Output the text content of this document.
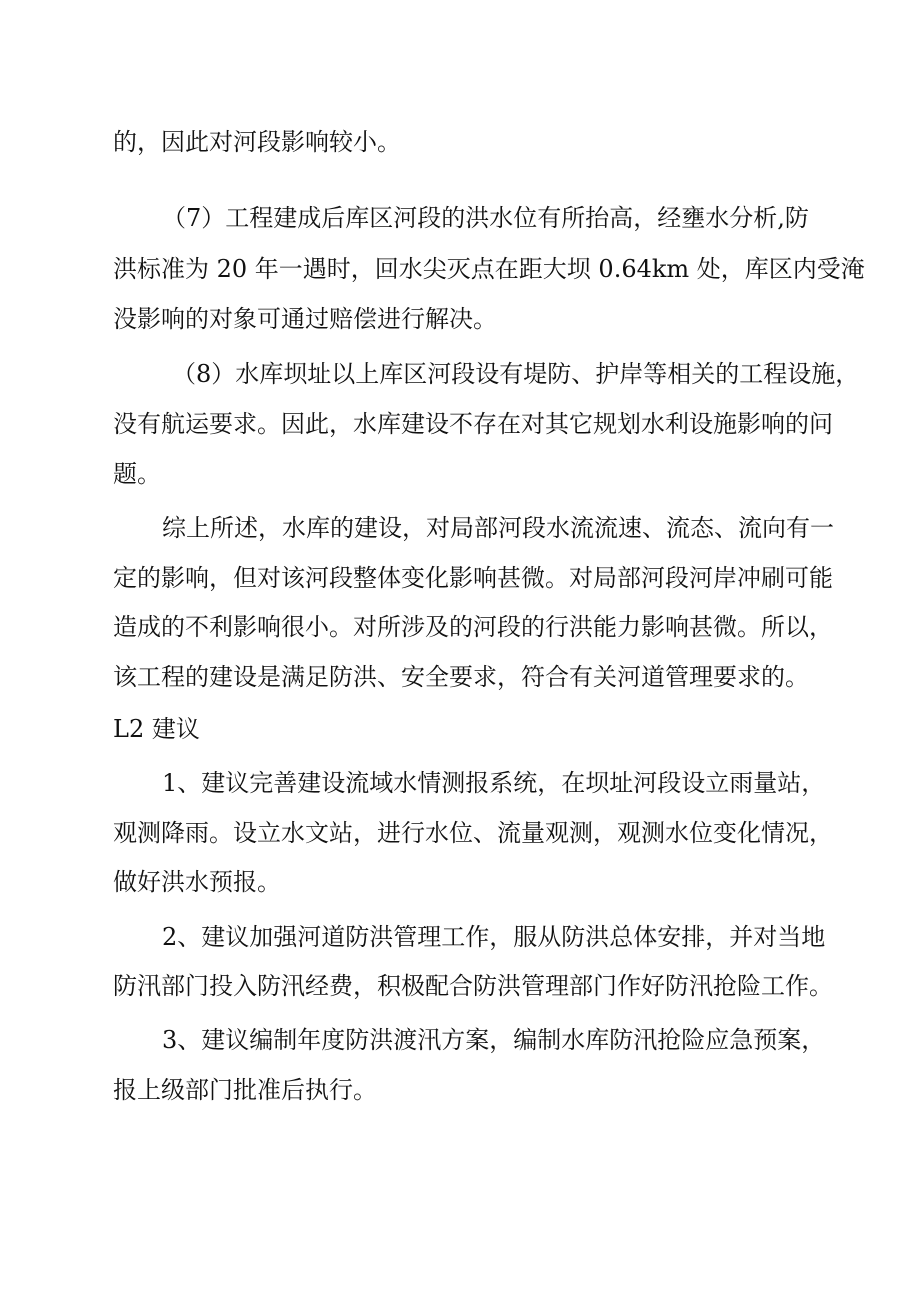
的，因此对河段影响较小。
（7）工程建成后库区河段的洪水位有所抬高，经壅水分析,防
洪标准为 20 年一遇时，回水尖灭点在距大坝 0.64km 处，库区内受淹
没影响的对象可通过赔偿进行解决。
（8）水库坝址以上库区河段设有堤防、护岸等相关的工程设施，
没有航运要求。因此，水库建设不存在对其它规划水利设施影响的问
题。
综上所述，水库的建设，对局部河段水流流速、流态、流向有一
定的影响，但对该河段整体变化影响甚微。对局部河段河岸冲刷可能
造成的不利影响很小。对所涉及的河段的行洪能力影响甚微。所以，
该工程的建设是满足防洪、安全要求，符合有关河道管理要求的。
L2 建议
1、建议完善建设流域水情测报系统，在坝址河段设立雨量站，
观测降雨。设立水文站，进行水位、流量观测，观测水位变化情况，
做好洪水预报。
2、建议加强河道防洪管理工作，服从防洪总体安排，并对当地
防汛部门投入防汛经费，积极配合防洪管理部门作好防汛抢险工作。
3、建议编制年度防洪渡汛方案，编制水库防汛抢险应急预案，
报上级部门批准后执行。
